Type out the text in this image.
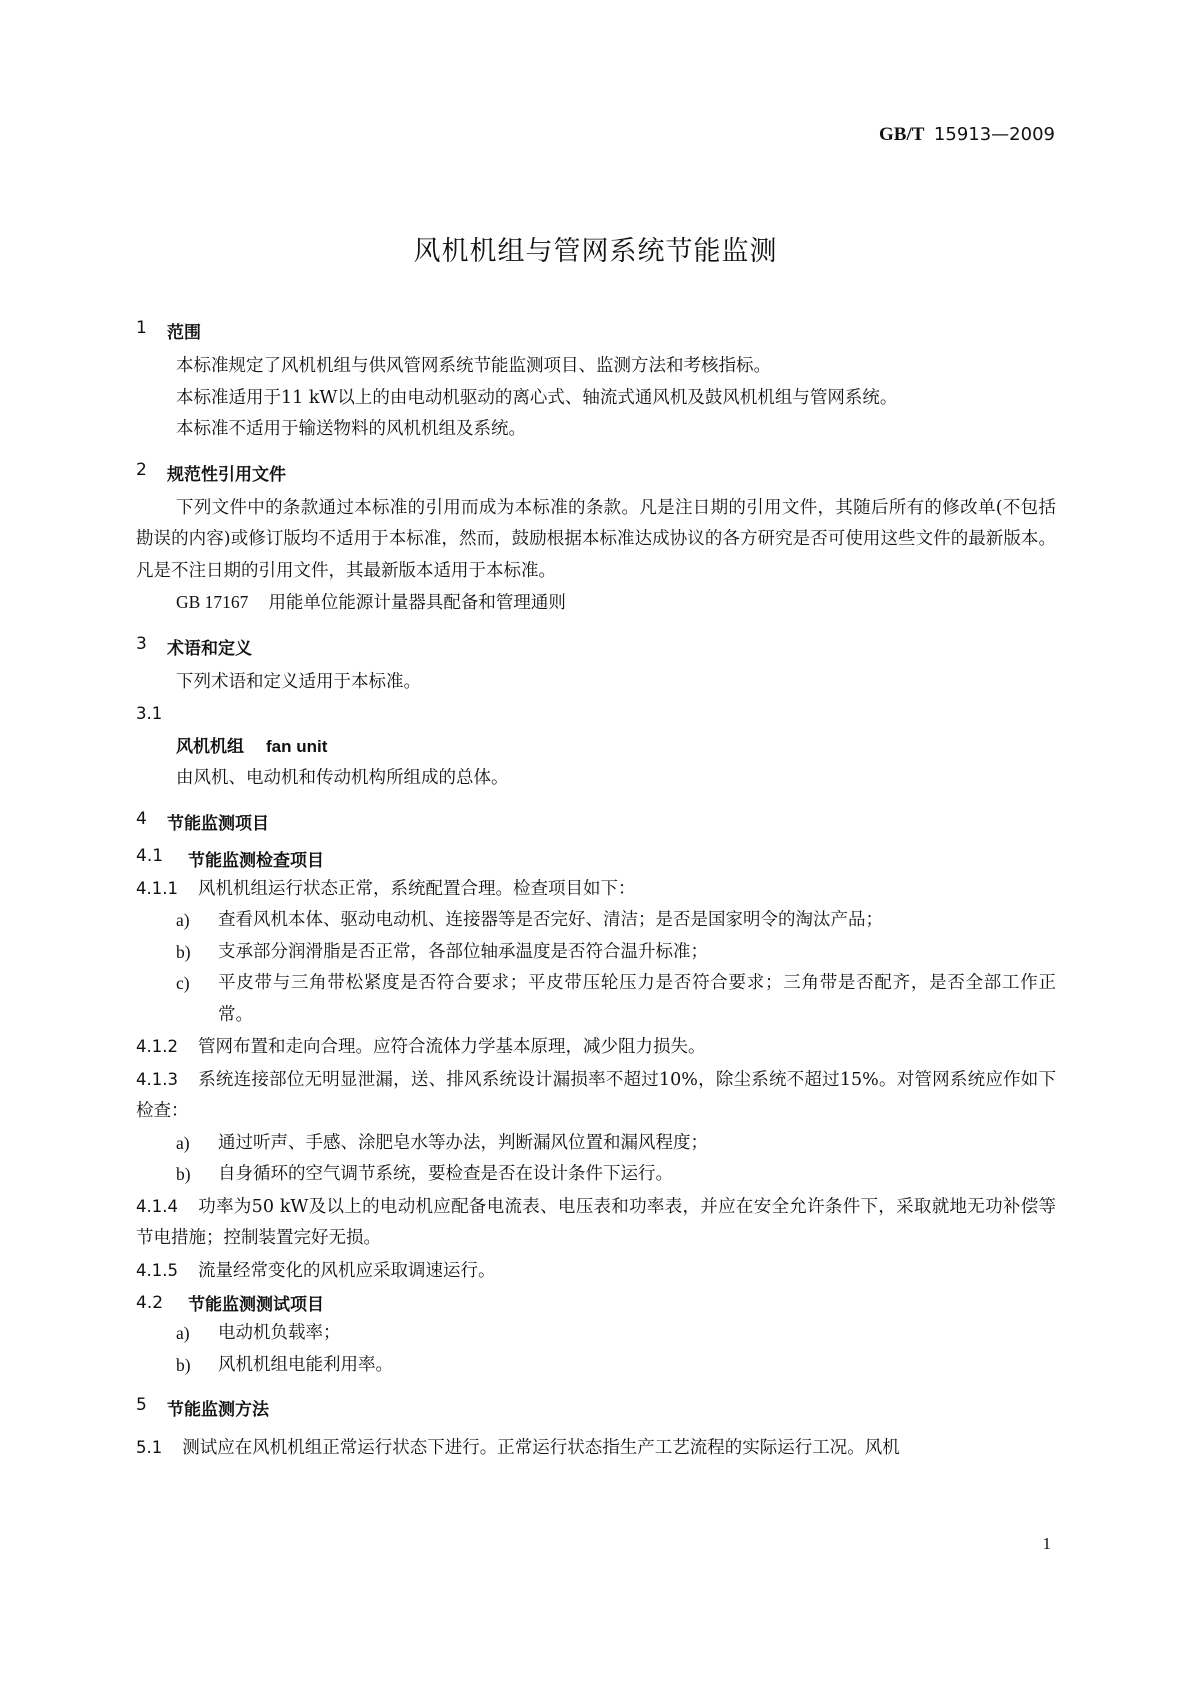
GB/T 15913—2009
风机机组与管网系统节能监测
1	范围
本标准规定了风机机组与供风管网系统节能监测项目、监测方法和考核指标。
本标准适用于11 kW以上的由电动机驱动的离心式、轴流式通风机及鼓风机机组与管网系统。
本标准不适用于输送物料的风机机组及系统。
2	规范性引用文件
下列文件中的条款通过本标准的引用而成为本标准的条款。凡是注日期的引用文件，其随后所有的修改单(不包括勘误的内容)或修订版均不适用于本标准，然而，鼓励根据本标准达成协议的各方研究是否可使用这些文件的最新版本。凡是不注日期的引用文件，其最新版本适用于本标准。
GB 17167 用能单位能源计量器具配备和管理通则
3	术语和定义
下列术语和定义适用于本标准。
3.1
风机机组 fan unit
由风机、电动机和传动机构所组成的总体。
4	节能监测项目
4.1	节能监测检查项目
4.1.1 风机机组运行状态正常，系统配置合理。检查项目如下：
a)	查看风机本体、驱动电动机、连接器等是否完好、清洁；是否是国家明令的淘汰产品；
b)	支承部分润滑脂是否正常，各部位轴承温度是否符合温升标准；
c)	平皮带与三角带松紧度是否符合要求；平皮带压轮压力是否符合要求；三角带是否配齐，是否全部工作正常。
4.1.2 管网布置和走向合理。应符合流体力学基本原理，减少阻力损失。
4.1.3 系统连接部位无明显泄漏，送、排风系统设计漏损率不超过10%，除尘系统不超过15%。对管网系统应作如下检查：
a)	通过听声、手感、涂肥皂水等办法，判断漏风位置和漏风程度；
b)	自身循环的空气调节系统，要检查是否在设计条件下运行。
4.1.4 功率为50 kW及以上的电动机应配备电流表、电压表和功率表，并应在安全允许条件下，采取就地无功补偿等节电措施；控制装置完好无损。
4.1.5 流量经常变化的风机应采取调速运行。
4.2	节能监测测试项目
a)	电动机负载率；
b)	风机机组电能利用率。
5	节能监测方法
5.1 测试应在风机机组正常运行状态下进行。正常运行状态指生产工艺流程的实际运行工况。风机
1
